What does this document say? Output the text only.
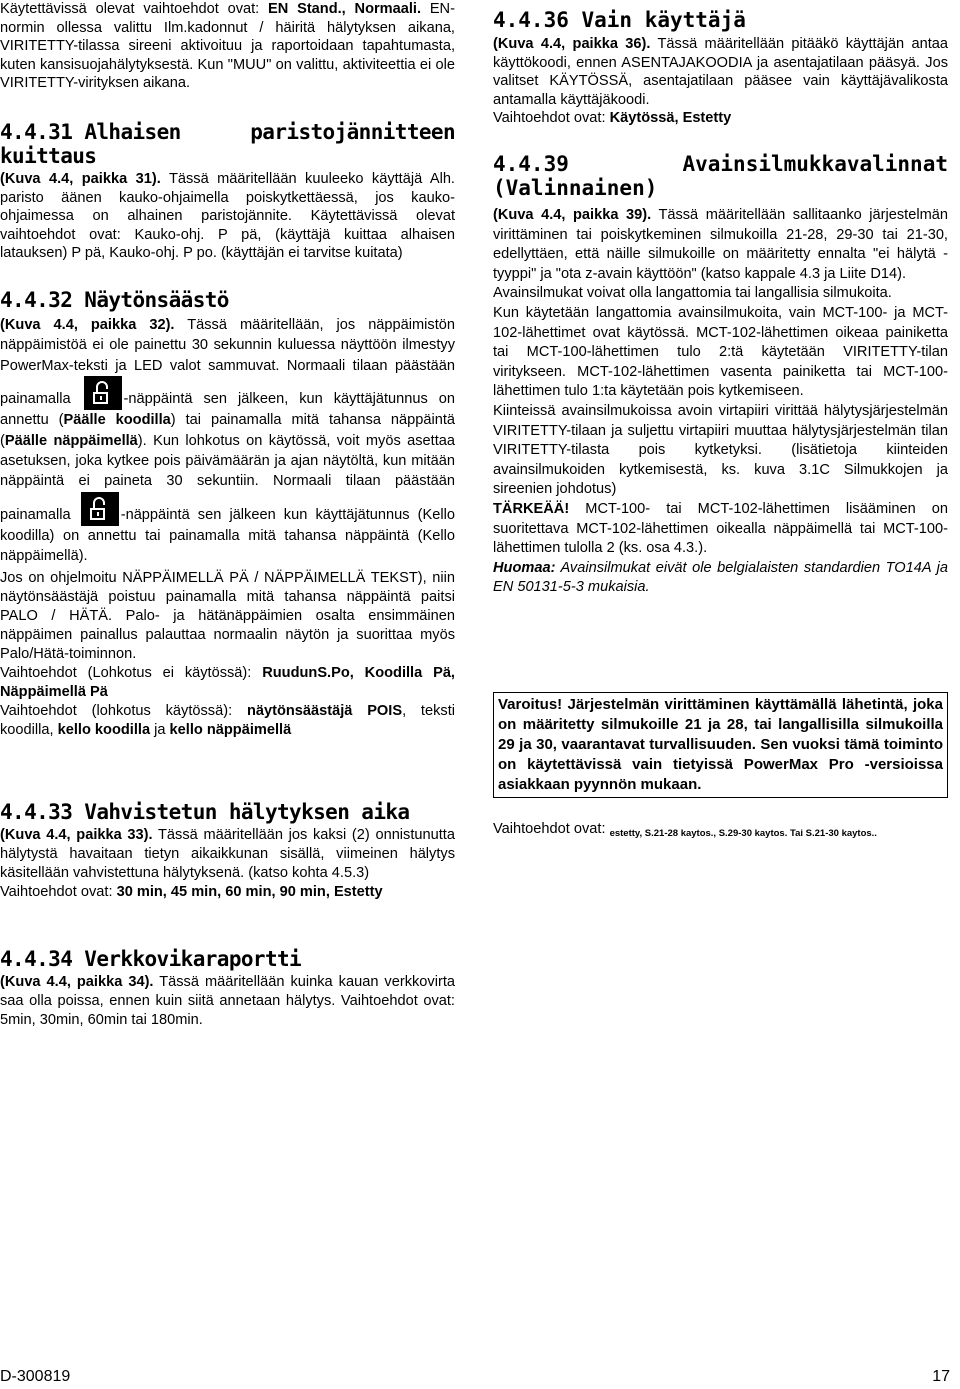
Käytettävissä olevat vaihtoehdot ovat: EN Stand., Normaali. EN-normin ollessa valittu Ilm.kadonnut / häiritä hälytyksen aikana, VIRITETTY-tilassa sireeni aktivoituu ja raportoidaan tapahtumasta, kuten kansisuojahälytyksestä. Kun "MUU" on valittu, aktiviteettia ei ole VIRITETTY-virityksen aikana.

4.4.31 Alhaisen	paristojännitteen
kuittaus

(Kuva 4.4, paikka 31). Tässä määritellään kuuleeko käyttäjä Alh. paristo äänen kauko-ohjaimella poiskytkettäessä, jos kauko-ohjaimessa on alhainen paristojännite. Käytettävissä olevat vaihtoehdot ovat: Kauko-ohj. P pä, (käyttäjä kuittaa alhaisen latauksen) P pä, Kauko-ohj. P po. (käyttäjän ei tarvitse kuitata)

4.4.32 Näytönsäästö

(Kuva 4.4, paikka 32). Tässä määritellään, jos näppäimistön näppäimistöä ei ole painettu 30 sekunnin kuluessa näyttöön ilmestyy PowerMax-teksti ja LED valot sammuvat. Normaali tilaan päästään painamalla	-näppäintä sen jälkeen, kun käyttäjätunnus on annettu (Päälle koodilla) tai painamalla mitä tahansa näppäintä (Päälle näppäimellä). Kun lohkotus on käytössä, voit myös asettaa asetuksen, joka kytkee pois päivämäärän ja ajan näytöltä, kun mitään näppäintä ei paineta 30 sekuntiin. Normaali tilaan päästään painamalla	-näppäintä sen jälkeen kun käyttäjätunnus (Kello koodilla) on annettu tai painamalla mitä tahansa näppäintä (Kello näppäimellä).

Jos on ohjelmoitu NÄPPÄIMELLÄ PÄ / NÄPPÄIMELLÄ TEKST), niin näytönsäästäjä poistuu painamalla mitä tahansa näppäintä paitsi PALO / HÄTÄ. Palo- ja hätänäppäimien osalta ensimmäinen näppäimen painallus palauttaa normaalin näytön ja suorittaa myös Palo/Hätä-toiminnon.

Vaihtoehdot (Lohkotus ei käytössä): RuudunS.Po, Koodilla Pä, Näppäimellä Pä

Vaihtoehdot (lohkotus käytössä): näytönsäästäjä POIS, teksti koodilla, kello koodilla ja kello näppäimellä

4.4.33 Vahvistetun hälytyksen aika

(Kuva 4.4, paikka 33). Tässä määritellään jos kaksi (2) onnistunutta hälytystä havaitaan tietyn aikaikkunan sisällä, viimeinen hälytys käsitellään vahvistettuna hälytyksenä. (katso kohta 4.5.3)

Vaihtoehdot ovat: 30 min, 45 min, 60 min, 90 min, Estetty

4.4.34 Verkkovikaraportti

(Kuva 4.4, paikka 34). Tässä määritellään kuinka kauan verkkovirta saa olla poissa, ennen kuin siitä annetaan hälytys. Vaihtoehdot ovat: 5min, 30min, 60min tai 180min.

4.4.36 Vain käyttäjä

(Kuva 4.4, paikka 36). Tässä määritellään pitääkö käyttäjän antaa käyttökoodi, ennen ASENTAJAKOODIA ja asentajatilaan pääsyä. Jos valitset KÄYTÖSSÄ, asentajatilaan pääsee vain käyttäjävalikosta antamalla käyttäjäkoodi.

Vaihtoehdot ovat: Käytössä, Estetty

4.4.39	Avainsilmukkavalinnat
(Valinnainen)

(Kuva 4.4, paikka 39). Tässä määritellään sallitaanko järjestelmän virittäminen tai poiskytkeminen silmukoilla 21-28, 29-30 tai 21-30, edellyttäen, että näille silmukoille on määritetty ennalta "ei hälytä -tyyppi" ja "ota z-avain käyttöön" (katso kappale 4.3 ja Liite D14).

Avainsilmukat voivat olla langattomia tai langallisia silmukoita.

Kun käytetään langattomia avainsilmukoita, vain MCT-100- ja MCT-102-lähettimet ovat käytössä. MCT-102-lähettimen oikeaa painiketta tai MCT-100-lähettimen tulo 2:tä käytetään VIRITETTY-tilan viritykseen. MCT-102-lähettimen vasenta painiketta tai MCT-100-lähettimen tulo 1:ta käytetään pois kytkemiseen.

Kiinteissä avainsilmukoissa avoin virtapiiri virittää hälytysjärjestelmän VIRITETTY-tilaan ja suljettu virtapiiri muuttaa hälytysjärjestelmän tilan VIRITETTY-tilasta pois kytketyksi. (lisätietoja kiinteiden avainsilmukoiden kytkemisestä, ks. kuva 3.1C Silmukkojen ja sireenien johdotus)

TÄRKEÄÄ! MCT-100- tai MCT-102-lähettimen lisääminen on suoritettava MCT-102-lähettimen oikealla näppäimellä tai MCT-100-lähettimen tulolla 2 (ks. osa 4.3.).

Huomaa: Avainsilmukat eivät ole belgialaisten standardien TO14A ja EN 50131-5-3 mukaisia.

Varoitus! Järjestelmän virittäminen käyttämällä lähetintä, joka on määritetty silmukoille 21 ja 28, tai langallisilla silmukoilla 29 ja 30, vaarantavat turvallisuuden. Sen vuoksi tämä toiminto on käytettävissä vain tietyissä PowerMax Pro -versioissa asiakkaan pyynnön mukaan.

Vaihtoehdot ovat: $_{estetty, S.21-28 kaytos., S.29-30 kaytos. Tai S.21-30 kaytos..}$

D-300819	17
